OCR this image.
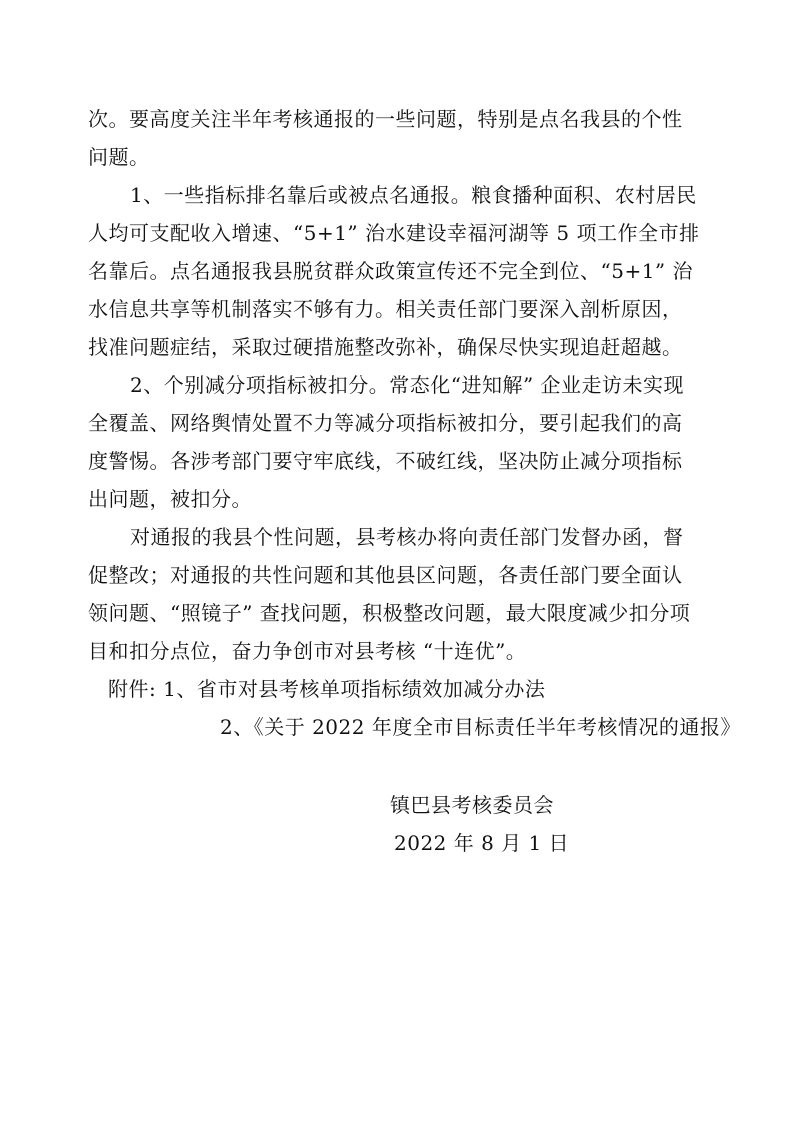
次。要高度关注半年考核通报的一些问题，特别是点名我县的个性
问题。
1、一些指标排名靠后或被点名通报。粮食播种面积、农村居民
人均可支配收入增速、“5+1” 治水建设幸福河湖等 5 项工作全市排
名靠后。点名通报我县脱贫群众政策宣传还不完全到位、“5+1” 治
水信息共享等机制落实不够有力。相关责任部门要深入剖析原因，
找准问题症结，采取过硬措施整改弥补，确保尽快实现追赶超越。
2、个别减分项指标被扣分。常态化“进知解” 企业走访未实现
全覆盖、网络舆情处置不力等减分项指标被扣分，要引起我们的高
度警惕。各涉考部门要守牢底线，不破红线，坚决防止减分项指标
出问题，被扣分。
对通报的我县个性问题，县考核办将向责任部门发督办函，督
促整改；对通报的共性问题和其他县区问题，各责任部门要全面认
领问题、“照镜子” 查找问题，积极整改问题，最大限度减少扣分项
目和扣分点位，奋力争创市对县考核 “十连优”。
附件: 1、省市对县考核单项指标绩效加减分办法
2、《关于 2022 年度全市目标责任半年考核情况的通报》
镇巴县考核委员会
2022 年 8 月 1 日
